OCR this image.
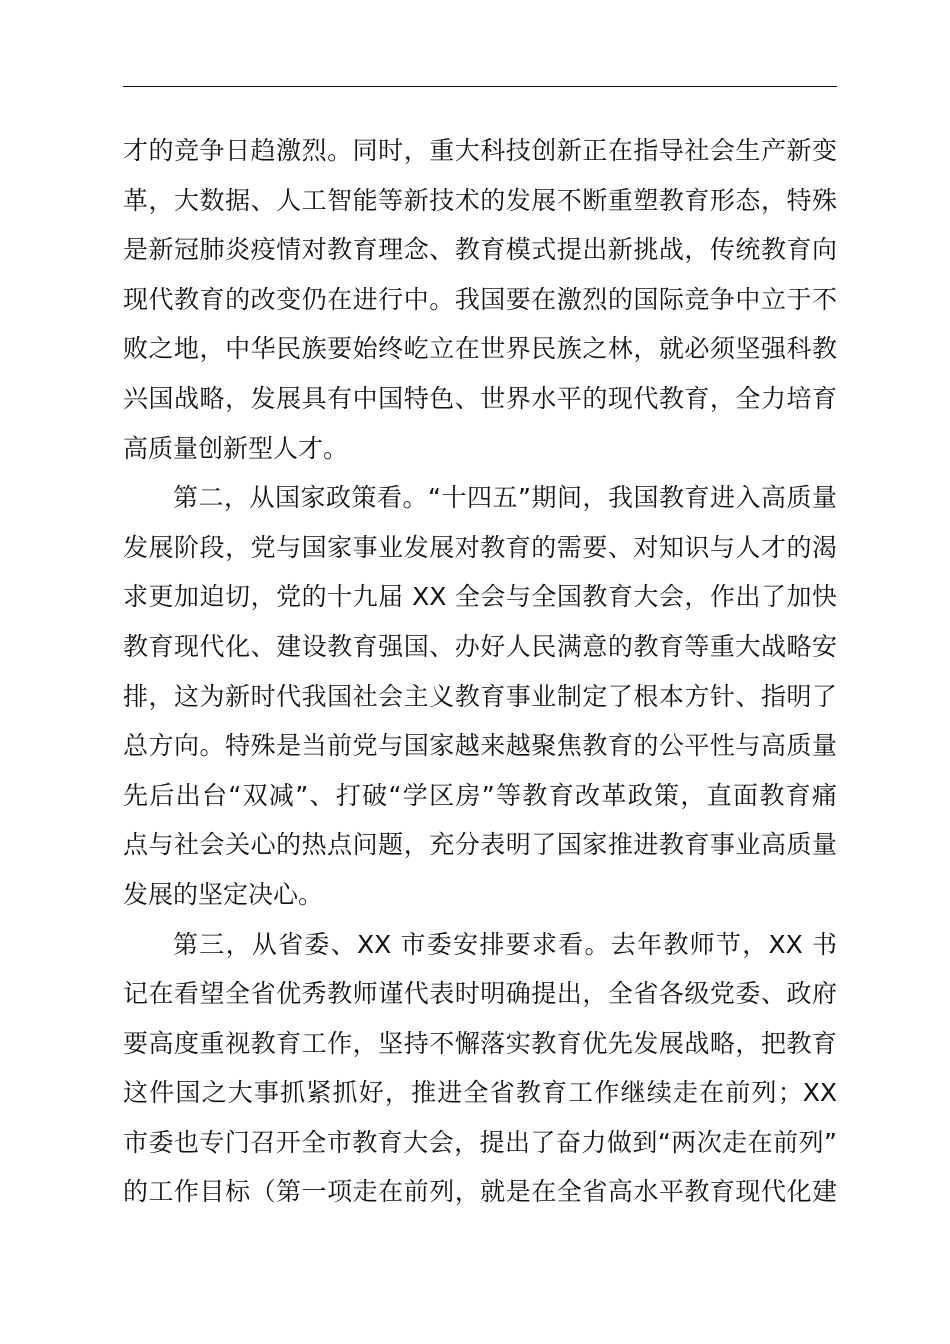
才的竞争日趋激烈。同时，重大科技创新正在指导社会生产新变
革，大数据、人工智能等新技术的发展不断重塑教育形态，特殊
是新冠肺炎疫情对教育理念、教育模式提出新挑战，传统教育向
现代教育的改变仍在进行中。我国要在激烈的国际竞争中立于不
败之地，中华民族要始终屹立在世界民族之林，就必须坚强科教
兴国战略，发展具有中国特色、世界水平的现代教育，全力培育
高质量创新型人才。
第二，从国家政策看。“十四五”期间，我国教育进入高质量
发展阶段，党与国家事业发展对教育的需要、对知识与人才的渴
求更加迫切，党的十九届 XX 全会与全国教育大会，作出了加快
教育现代化、建设教育强国、办好人民满意的教育等重大战略安
排，这为新时代我国社会主义教育事业制定了根本方针、指明了
总方向。特殊是当前党与国家越来越聚焦教育的公平性与高质量
先后出台“双减”、打破“学区房”等教育改革政策，直面教育痛
点与社会关心的热点问题，充分表明了国家推进教育事业高质量
发展的坚定决心。
第三，从省委、XX 市委安排要求看。去年教师节，XX 书
记在看望全省优秀教师谨代表时明确提出，全省各级党委、政府
要高度重视教育工作，坚持不懈落实教育优先发展战略，把教育
这件国之大事抓紧抓好，推进全省教育工作继续走在前列；XX
市委也专门召开全市教育大会，提出了奋力做到“两次走在前列”
的工作目标（第一项走在前列，就是在全省高水平教育现代化建
